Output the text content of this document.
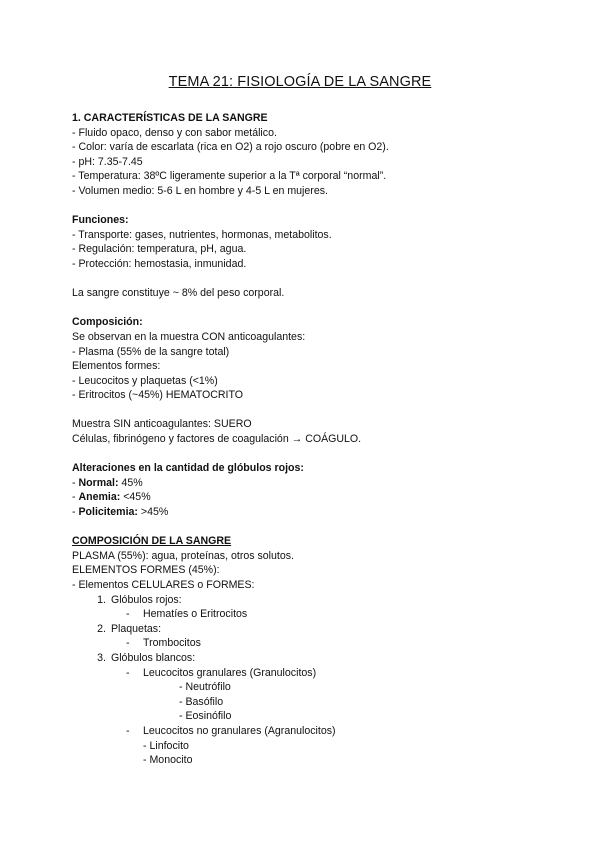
TEMA 21: FISIOLOGÍA DE LA SANGRE
1. CARACTERÍSTICAS DE LA SANGRE
- Fluido opaco, denso y con sabor metálico.
- Color: varía de escarlata (rica en O2) a rojo oscuro (pobre en O2).
- pH: 7.35-7.45
- Temperatura: 38ºC ligeramente superior a la Tª corporal “normal”.
- Volumen medio: 5-6 L en hombre y 4-5 L en mujeres.
Funciones:
- Transporte: gases, nutrientes, hormonas, metabolitos.
- Regulación: temperatura, pH, agua.
- Protección: hemostasia, inmunidad.
La sangre constituye ~ 8% del peso corporal.
Composición:
Se observan en la muestra CON anticoagulantes:
- Plasma (55% de la sangre total)
Elementos formes:
- Leucocitos y plaquetas (<1%)
- Eritrocitos (~45%) HEMATOCRITO
Muestra SIN anticoagulantes: SUERO
Células, fibrinógeno y factores de coagulación → COÁGULO.
Alteraciones en la cantidad de glóbulos rojos:
- Normal: 45%
- Anemia: <45%
- Policitemia: >45%
COMPOSICIÓN DE LA SANGRE
PLASMA (55%): agua, proteínas, otros solutos.
ELEMENTOS FORMES (45%):
- Elementos CELULARES o FORMES:
1. Glóbulos rojos:
- Hematíes o Eritrocitos
2. Plaquetas:
- Trombocitos
3. Glóbulos blancos:
- Leucocitos granulares (Granulocitos)
- Neutrófilo
- Basófilo
- Eosinófilo
- Leucocitos no granulares (Agranulocitos)
- Linfocito
- Monocito
